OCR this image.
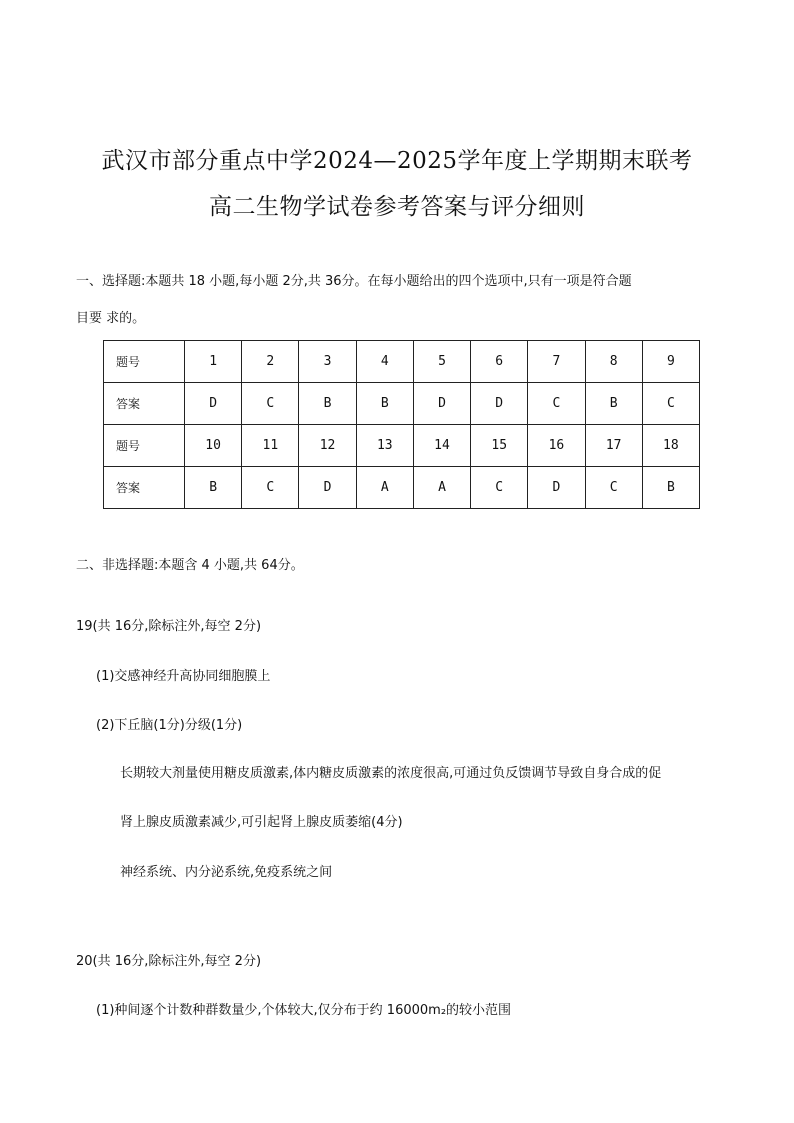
武汉市部分重点中学2024—2025学年度上学期期末联考
高二生物学试卷参考答案与评分细则
一、选择题:本题共 18 小题,每小题 2分,共 36分。在每小题给出的四个选项中,只有一项是符合题
目要 求的。
题号	1	2	3	4	5	6	7	8	9
答案	D	C	B	B	D	D	C	B	C
题号	10	11	12	13	14	15	16	17	18
答案	B	C	D	A	A	C	D	C	B
二、非选择题:本题含 4 小题,共 64分。
19(共 16分,除标注外,每空 2分)
(1)交感神经升高协同细胞膜上
(2)下丘脑(1分)分级(1分)
长期较大剂量使用糖皮质激素,体内糖皮质激素的浓度很高,可通过负反馈调节导致自身合成的促
肾上腺皮质激素减少,可引起肾上腺皮质萎缩(4分)
神经系统、内分泌系统,免疫系统之间
20(共 16分,除标注外,每空 2分)
(1)种间逐个计数种群数量少,个体较大,仅分布于约 16000m₂的较小范围
